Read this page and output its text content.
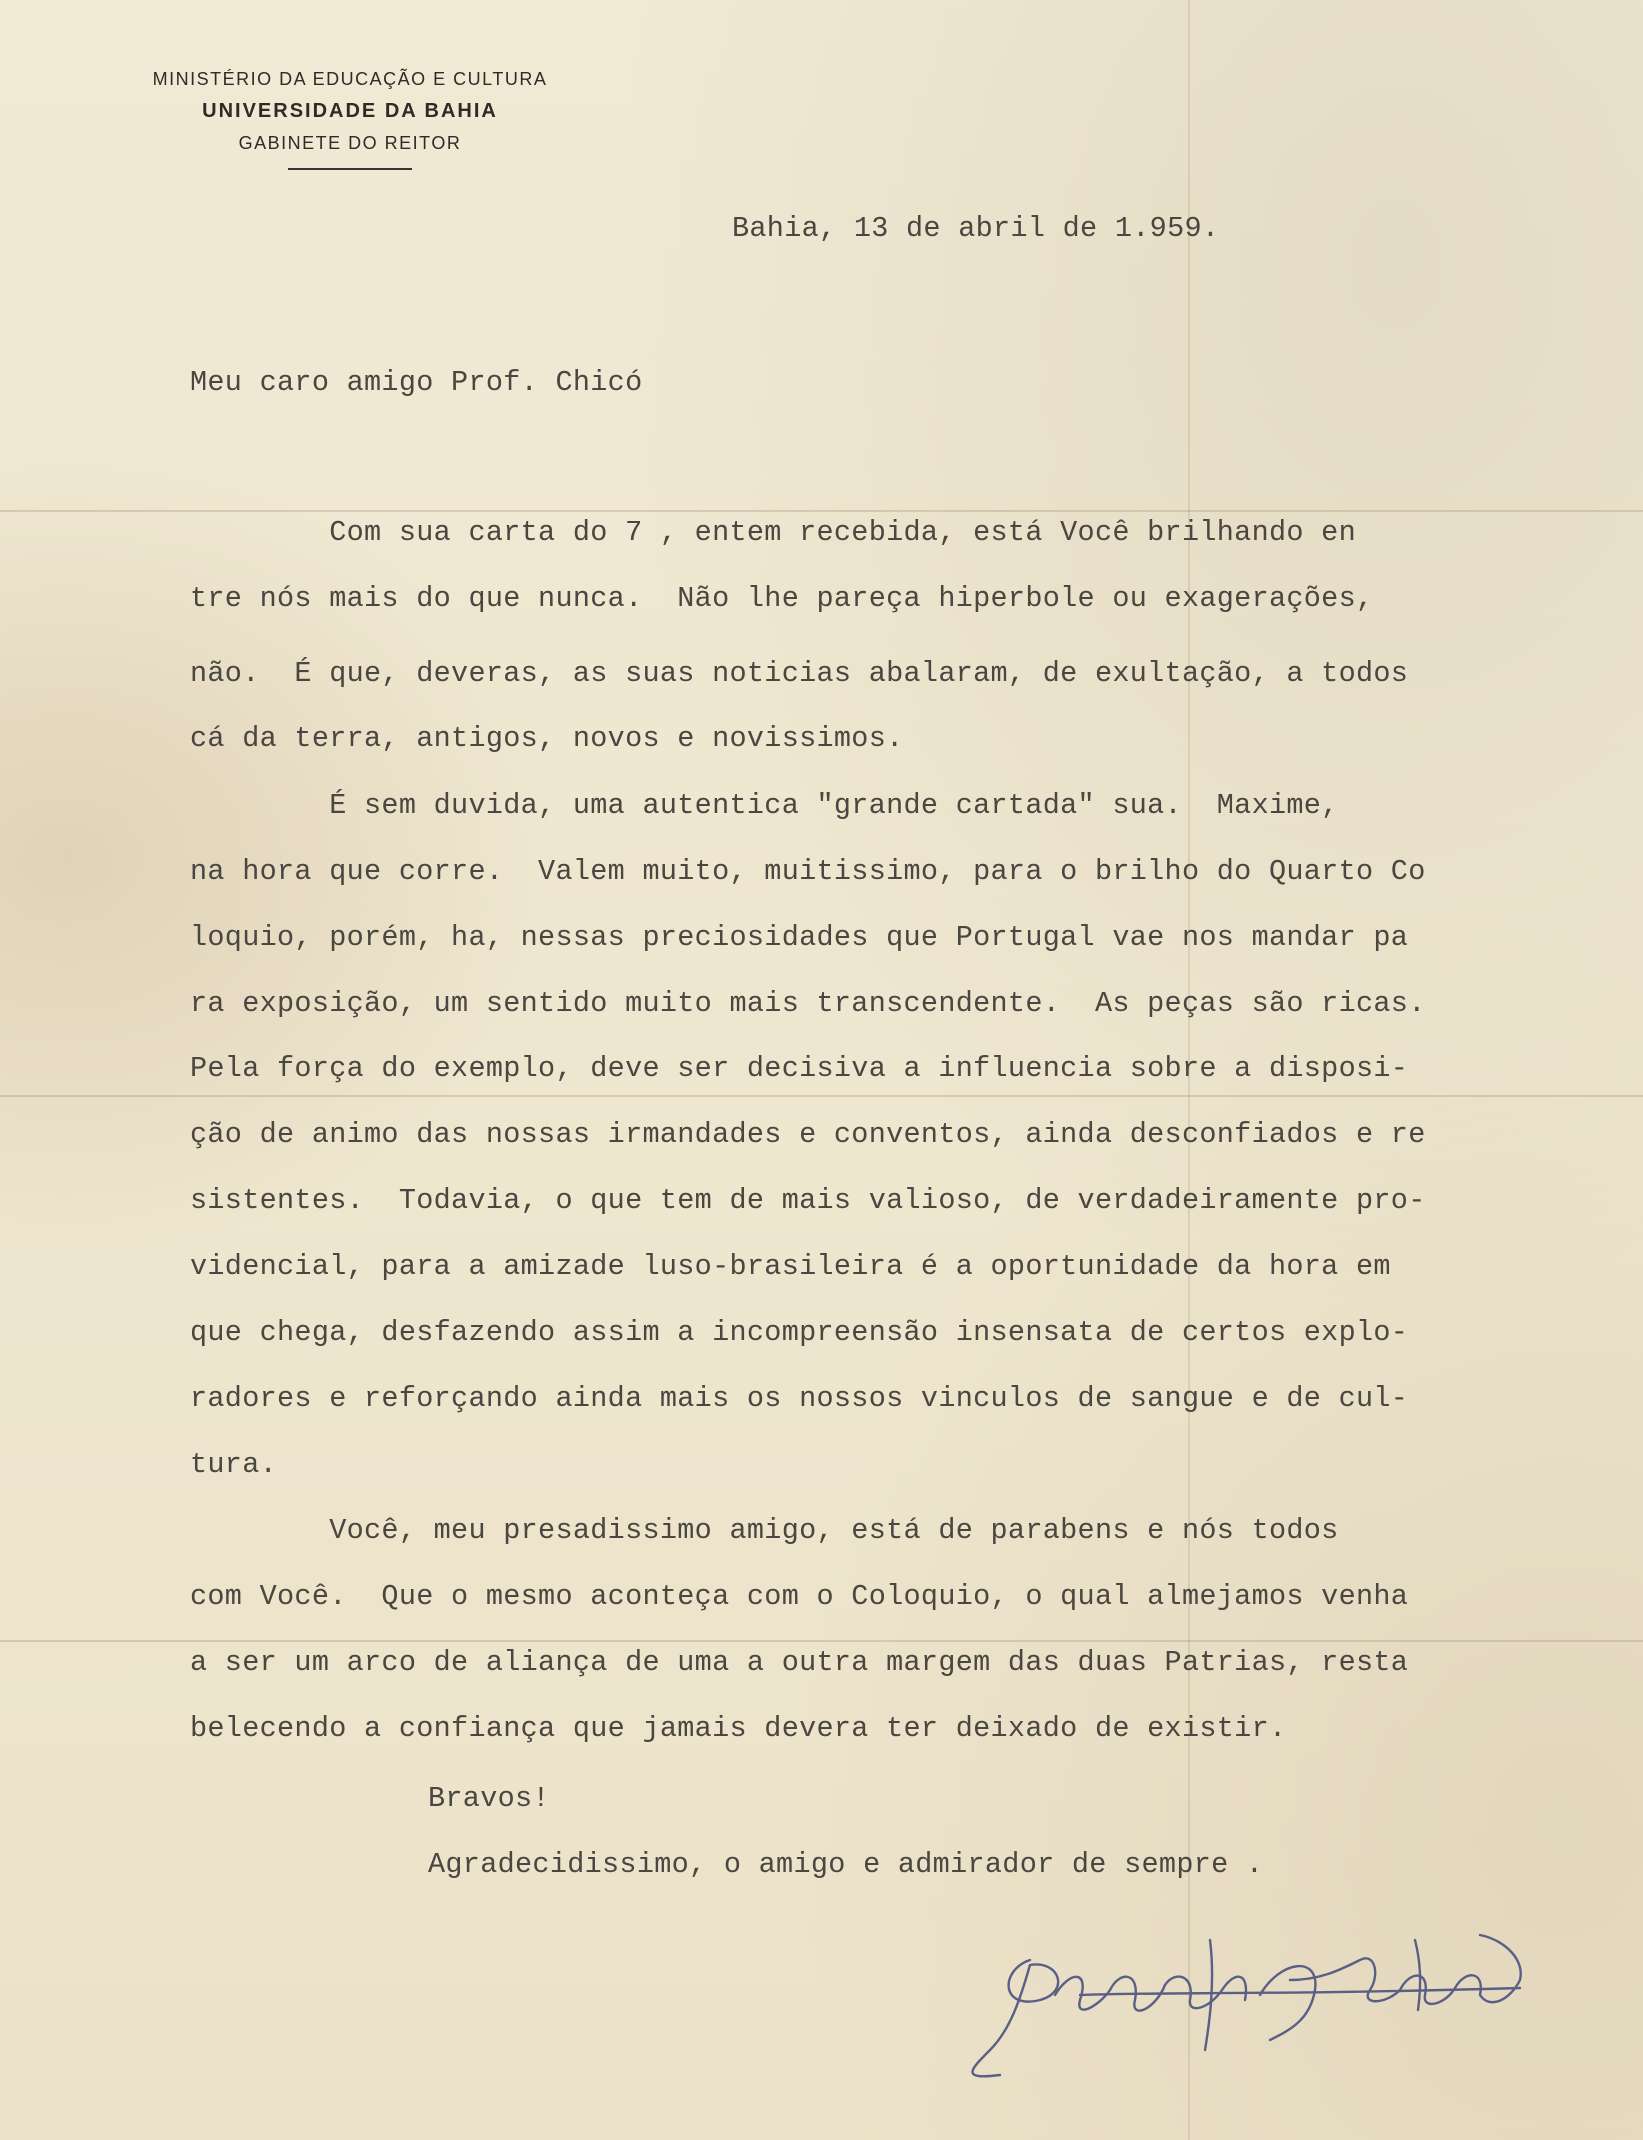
MINISTÉRIO DA EDUCAÇÃO E CULTURA
UNIVERSIDADE DA BAHIA
GABINETE DO REITOR
Bahia, 13 de abril de 1.959.
Meu caro amigo Prof. Chicó
Com sua carta do 7 , entem recebida, está Você brilhando en
tre nós mais do que nunca.  Não lhe pareça hiperbole ou exagerações,
não.  É que, deveras, as suas noticias abalaram, de exultação, a todos
cá da terra, antigos, novos e novissimos.
É sem duvida, uma autentica "grande cartada" sua.  Maxime,
na hora que corre.  Valem muito, muitissimo, para o brilho do Quarto Co
loquio, porém, ha, nessas preciosidades que Portugal vae nos mandar pa
ra exposição, um sentido muito mais transcendente.  As peças são ricas.
Pela força do exemplo, deve ser decisiva a influencia sobre a disposi-
ção de animo das nossas irmandades e conventos, ainda desconfiados e re
sistentes.  Todavia, o que tem de mais valioso, de verdadeiramente pro-
videncial, para a amizade luso-brasileira é a oportunidade da hora em
que chega, desfazendo assim a incompreensão insensata de certos explo-
radores e reforçando ainda mais os nossos vinculos de sangue e de cul-
tura.
Você, meu presadissimo amigo, está de parabens e nós todos
com Você.  Que o mesmo aconteça com o Coloquio, o qual almejamos venha
a ser um arco de aliança de uma a outra margem das duas Patrias, resta
belecendo a confiança que jamais devera ter deixado de existir.
Bravos!
Agradecidissimo, o amigo e admirador de sempre .
